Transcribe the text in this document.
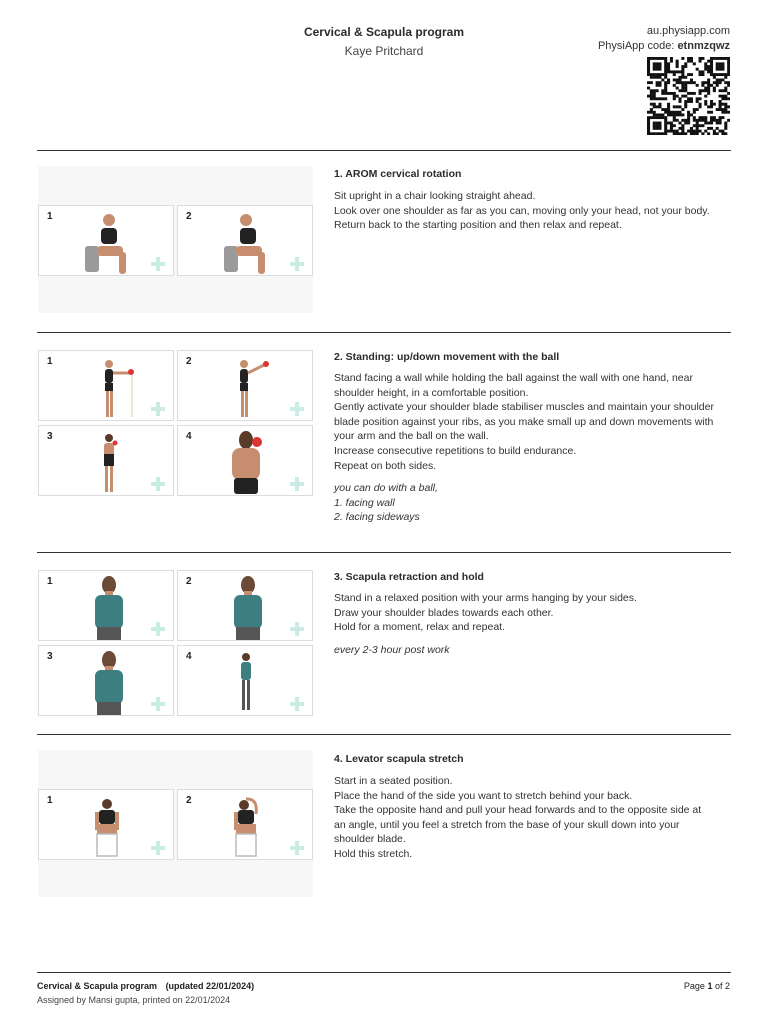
Cervical & Scapula program
Kaye Pritchard
au.physiapp.com
PhysiApp code: etnmzqwz
1	2
1. AROM cervical rotation
Sit upright in a chair looking straight ahead.
Look over one shoulder as far as you can, moving only your head, not your body.
Return back to the starting position and then relax and repeat.
1	2
3	4
2. Standing: up/down movement with the ball
Stand facing a wall while holding the ball against the wall with one hand, near
shoulder height, in a comfortable position.
Gently activate your shoulder blade stabiliser muscles and maintain your shoulder
blade position against your ribs, as you make small up and down movements with
your arm and the ball on the wall.
Increase consecutive repetitions to build endurance.
Repeat on both sides.
you can do with a ball,
1. facing wall
2. facing sideways
1	2
3	4
3. Scapula retraction and hold
Stand in a relaxed position with your arms hanging by your sides.
Draw your shoulder blades towards each other.
Hold for a moment, relax and repeat.
every 2-3 hour post work
1	2
4. Levator scapula stretch
Start in a seated position.
Place the hand of the side you want to stretch behind your back.
Take the opposite hand and pull your head forwards and to the opposite side at
an angle, until you feel a stretch from the base of your skull down into your
shoulder blade.
Hold this stretch.
Cervical & Scapula program (updated 22/01/2024)
Assigned by Mansi gupta, printed on 22/01/2024
Page 1 of 2
